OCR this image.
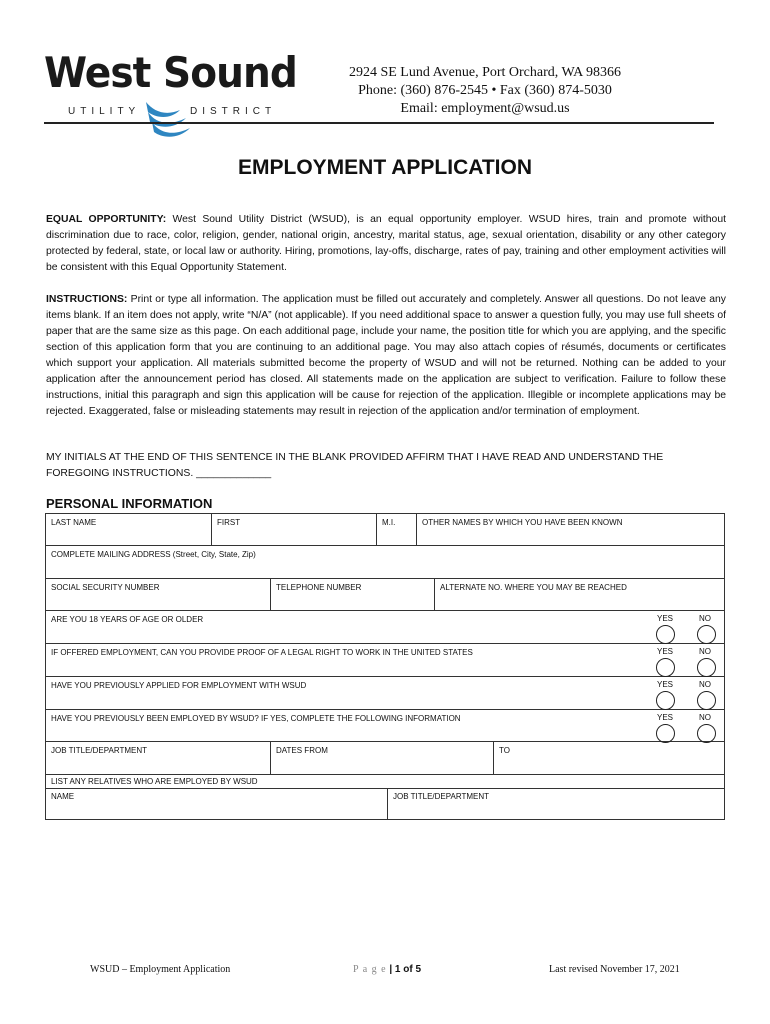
West Sound
UTILITY	DISTRICT
2924 SE Lund Avenue, Port Orchard, WA 98366
Phone: (360) 876-2545 • Fax (360) 874-5030
Email: employment@wsud.us
EMPLOYMENT APPLICATION
EQUAL OPPORTUNITY: West Sound Utility District (WSUD), is an equal opportunity employer. WSUD hires, train and promote without discrimination due to race, color, religion, gender, national origin, ancestry, marital status, age, sexual orientation, disability or any other category protected by federal, state, or local law or authority. Hiring, promotions, lay-offs, discharge, rates of pay, training and other employment activities will be consistent with this Equal Opportunity Statement.
INSTRUCTIONS: Print or type all information. The application must be filled out accurately and completely. Answer all questions. Do not leave any items blank. If an item does not apply, write “N/A” (not applicable). If you need additional space to answer a question fully, you may use full sheets of paper that are the same size as this page. On each additional page, include your name, the position title for which you are applying, and the specific section of this application form that you are continuing to an additional page. You may also attach copies of résumés, documents or certificates which support your application. All materials submitted become the property of WSUD and will not be returned. Nothing can be added to your application after the announcement period has closed. All statements made on the application are subject to verification. Failure to follow these instructions, initial this paragraph and sign this application will be cause for rejection of the application. Illegible or incomplete applications may be rejected. Exaggerated, false or misleading statements may result in rejection of the application and/or termination of employment.
MY INITIALS AT THE END OF THIS SENTENCE IN THE BLANK PROVIDED AFFIRM THAT I HAVE READ AND UNDERSTAND THE FOREGOING INSTRUCTIONS. _____________
PERSONAL INFORMATION
LAST NAME	FIRST	M.I.	OTHER NAMES BY WHICH YOU HAVE BEEN KNOWN
COMPLETE MAILING ADDRESS (Street, City, State, Zip)
SOCIAL SECURITY NUMBER	TELEPHONE NUMBER	ALTERNATE NO. WHERE YOU MAY BE REACHED
ARE YOU 18 YEARS OF AGE OR OLDER	YES	NO
IF OFFERED EMPLOYMENT, CAN YOU PROVIDE PROOF OF A LEGAL RIGHT TO WORK IN THE UNITED STATES	YES	NO
HAVE YOU PREVIOUSLY APPLIED FOR EMPLOYMENT WITH WSUD	YES	NO
HAVE YOU PREVIOUSLY BEEN EMPLOYED BY WSUD? IF YES, COMPLETE THE FOLLOWING INFORMATION	YES	NO
JOB TITLE/DEPARTMENT	DATES FROM	TO
LIST ANY RELATIVES WHO ARE EMPLOYED BY WSUD
NAME	JOB TITLE/DEPARTMENT
WSUD – Employment Application	P a g e | 1 of 5	Last revised November 17, 2021
